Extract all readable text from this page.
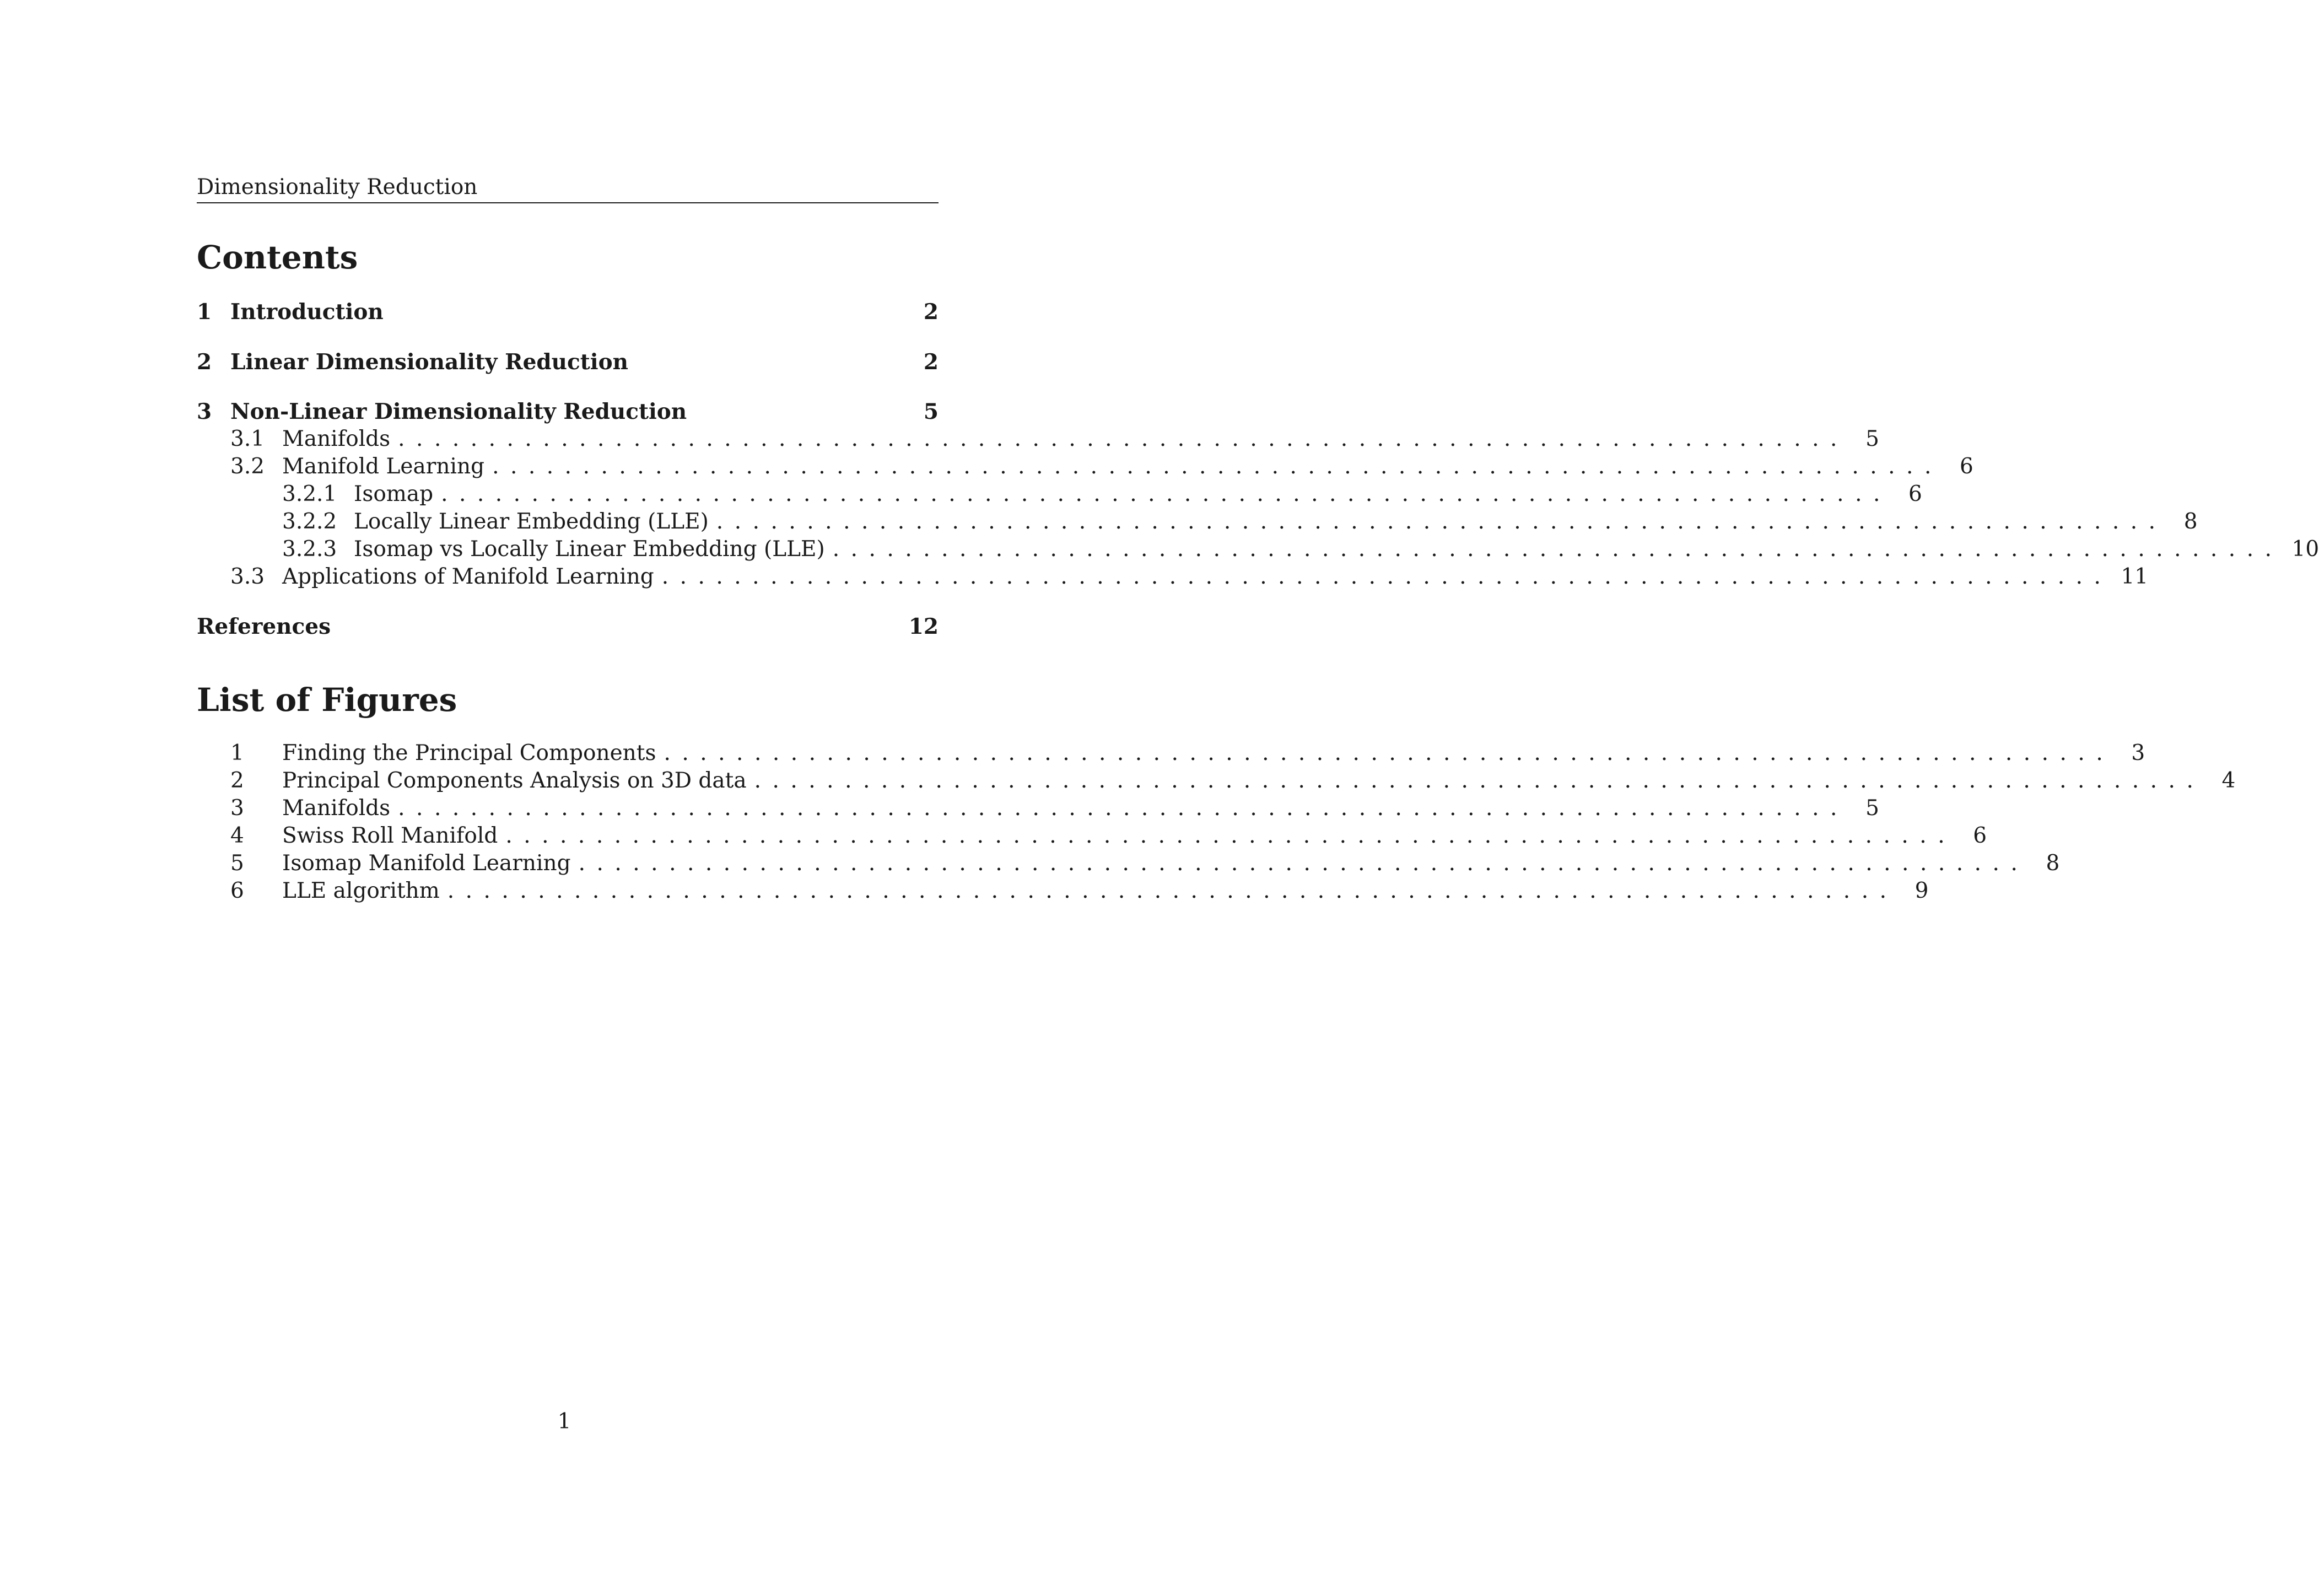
Dimensionality Reduction
Contents
1 Introduction	2
2 Linear Dimensionality Reduction	2
3 Non-Linear Dimensionality Reduction	5
3.1 Manifolds ................................................................................ 5
3.2 Manifold Learning ................................................................................ 6
3.2.1 Isomap ................................................................................ 6
3.2.2 Locally Linear Embedding (LLE) ................................................................................ 8
3.2.3 Isomap vs Locally Linear Embedding (LLE) ................................................................................ 10
3.3 Applications of Manifold Learning ................................................................................ 11
References	12
List of Figures
1	Finding the Principal Components ................................................................................ 3
2	Principal Components Analysis on 3D data ................................................................................ 4
3	Manifolds ................................................................................ 5
4	Swiss Roll Manifold ................................................................................ 6
5	Isomap Manifold Learning ................................................................................ 8
6	LLE algorithm ................................................................................ 9
1
